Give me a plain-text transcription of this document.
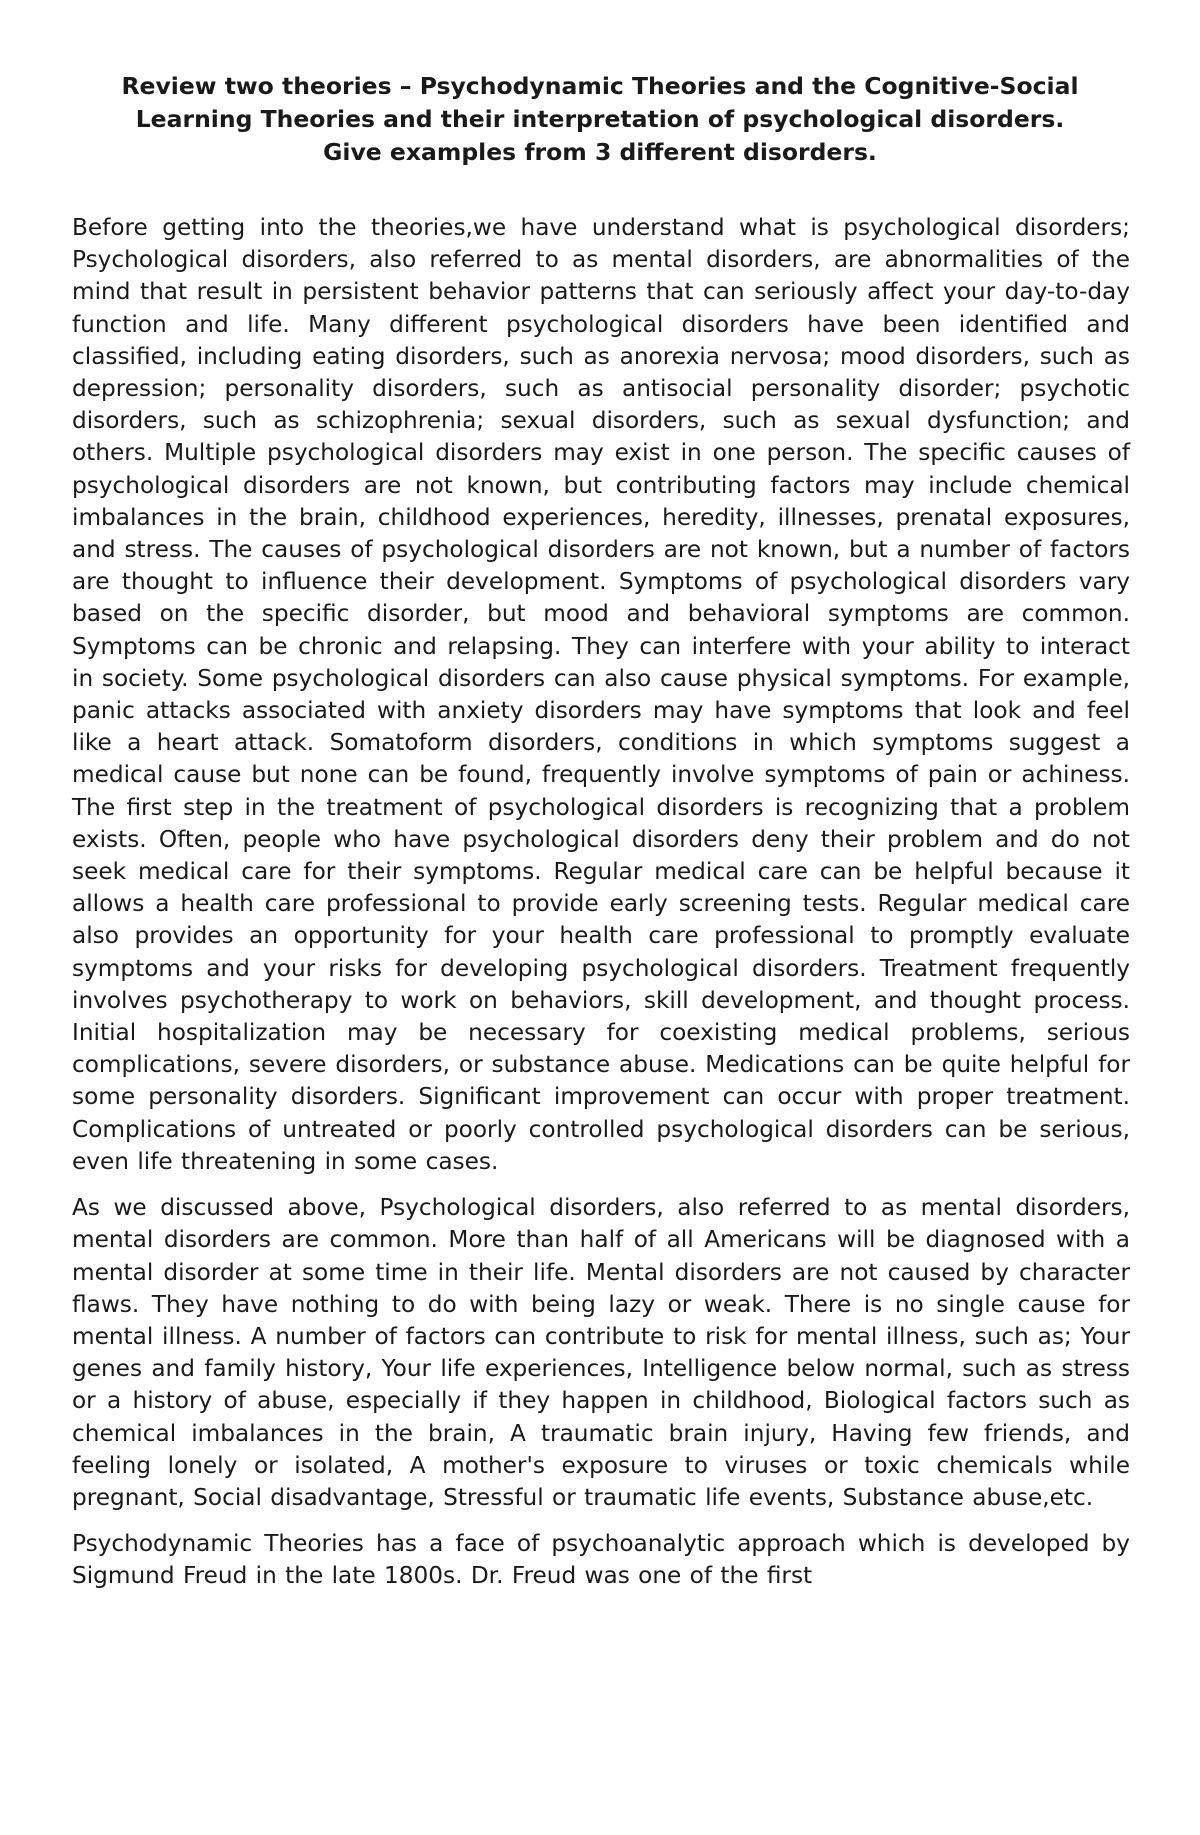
Review two theories – Psychodynamic Theories and the Cognitive-Social
Learning Theories and their interpretation of psychological disorders.
Give examples from 3 different disorders.

Before getting into the theories,we have understand what is psychological disorders; Psychological disorders, also referred to as mental disorders, are abnormalities of the mind that result in persistent behavior patterns that can seriously affect your day-to-day function and life. Many different psychological disorders have been identified and classified, including eating disorders, such as anorexia nervosa; mood disorders, such as depression; personality disorders, such as antisocial personality disorder; psychotic disorders, such as schizophrenia; sexual disorders, such as sexual dysfunction; and others. Multiple psychological disorders may exist in one person. The specific causes of psychological disorders are not known, but contributing factors may include chemical imbalances in the brain, childhood experiences, heredity, illnesses, prenatal exposures, and stress. The causes of psychological disorders are not known, but a number of factors are thought to influence their development. Symptoms of psychological disorders vary based on the specific disorder, but mood and behavioral symptoms are common. Symptoms can be chronic and relapsing. They can interfere with your ability to interact in society. Some psychological disorders can also cause physical symptoms. For example, panic attacks associated with anxiety disorders may have symptoms that look and feel like a heart attack. Somatoform disorders, conditions in which symptoms suggest a medical cause but none can be found, frequently involve symptoms of pain or achiness. The first step in the treatment of psychological disorders is recognizing that a problem exists. Often, people who have psychological disorders deny their problem and do not seek medical care for their symptoms. Regular medical care can be helpful because it allows a health care professional to provide early screening tests. Regular medical care also provides an opportunity for your health care professional to promptly evaluate symptoms and your risks for developing psychological disorders. Treatment frequently involves psychotherapy to work on behaviors, skill development, and thought process. Initial hospitalization may be necessary for coexisting medical problems, serious complications, severe disorders, or substance abuse. Medications can be quite helpful for some personality disorders. Significant improvement can occur with proper treatment. Complications of untreated or poorly controlled psychological disorders can be serious, even life threatening in some cases.

As we discussed above, Psychological disorders, also referred to as mental disorders, mental disorders are common. More than half of all Americans will be diagnosed with a mental disorder at some time in their life. Mental disorders are not caused by character flaws. They have nothing to do with being lazy or weak. There is no single cause for mental illness. A number of factors can contribute to risk for mental illness, such as; Your genes and family history, Your life experiences, Intelligence below normal, such as stress or a history of abuse, especially if they happen in childhood, Biological factors such as chemical imbalances in the brain, A traumatic brain injury, Having few friends, and feeling lonely or isolated, A mother's exposure to viruses or toxic chemicals while pregnant, Social disadvantage, Stressful or traumatic life events, Substance abuse,etc.

Psychodynamic Theories has a face of psychoanalytic approach which is developed by Sigmund Freud in the late 1800s. Dr. Freud was one of the first
